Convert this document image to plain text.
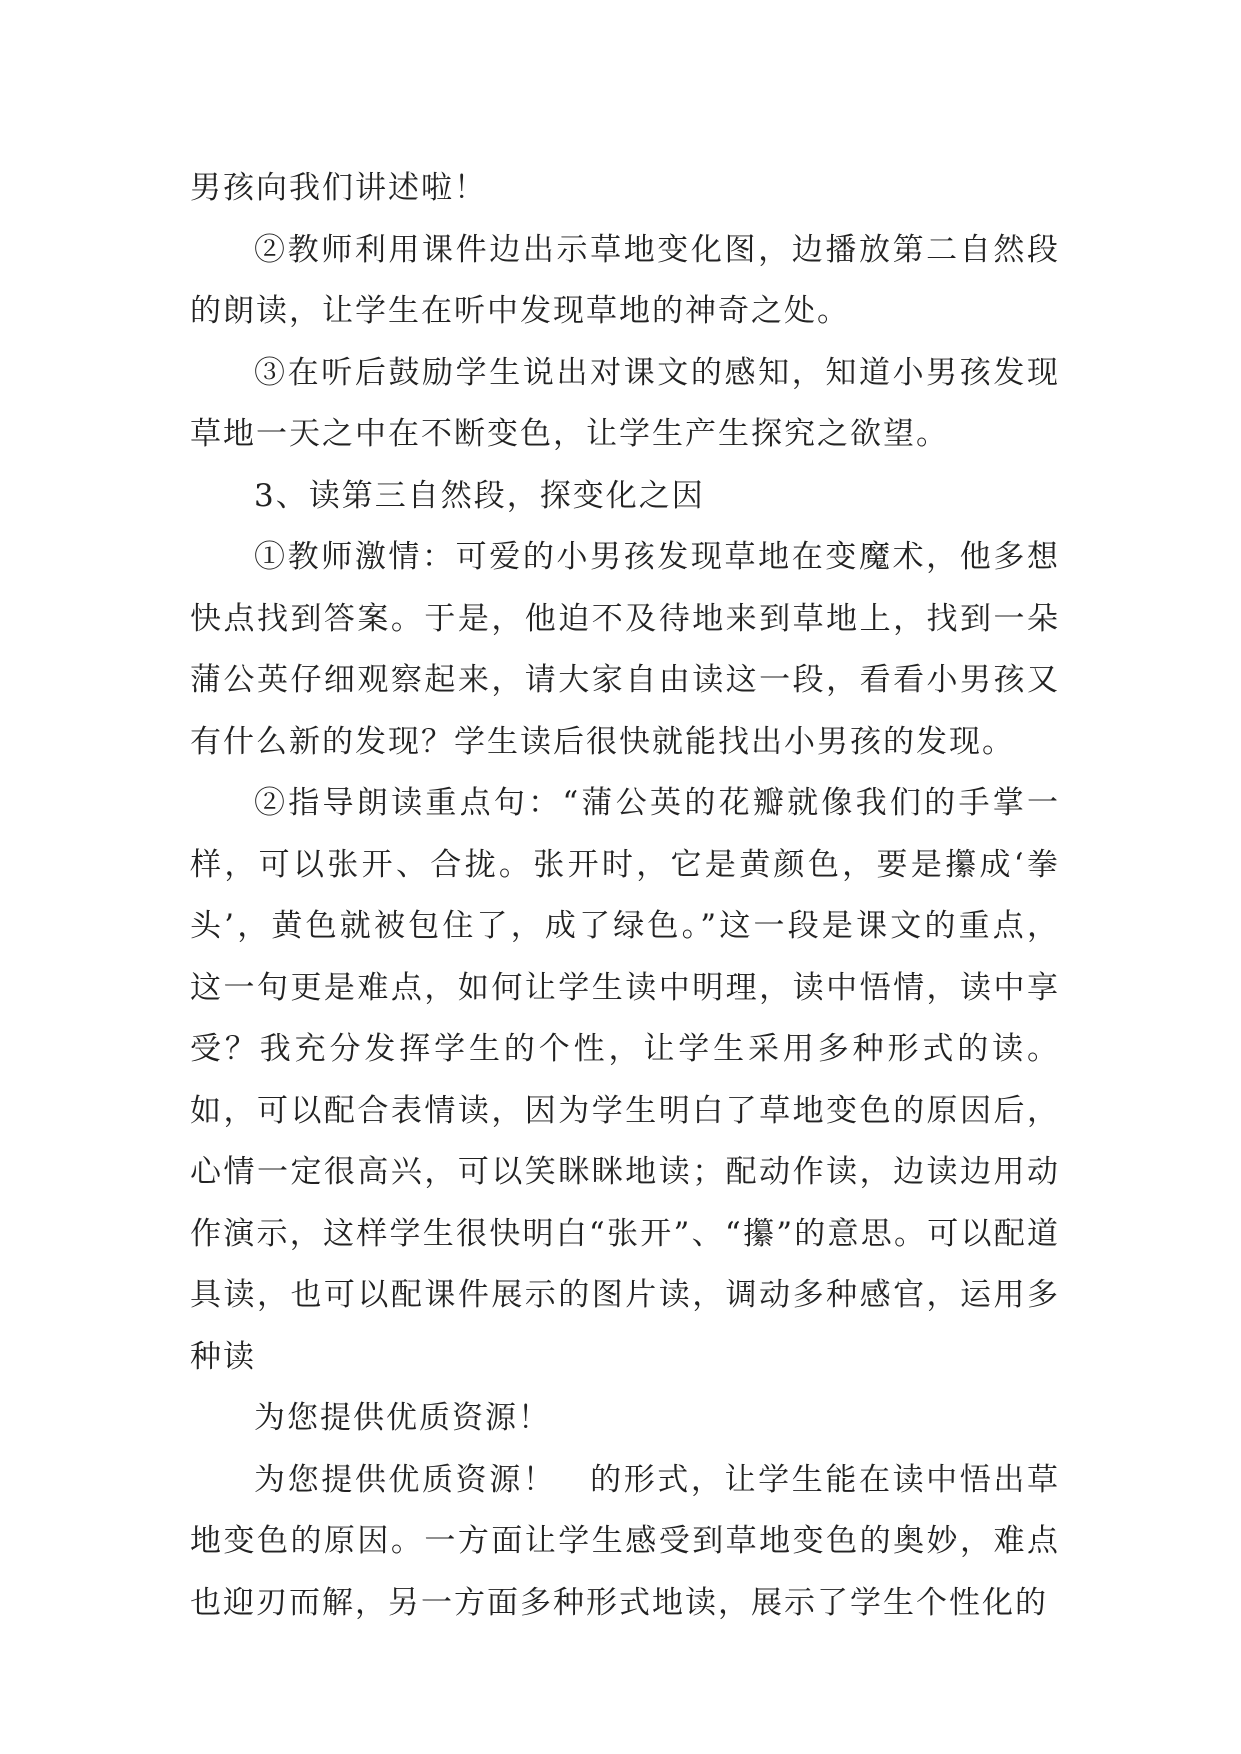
男孩向我们讲述啦！

②教师利用课件边出示草地变化图，边播放第二自然段的朗读，让学生在听中发现草地的神奇之处。

③在听后鼓励学生说出对课文的感知，知道小男孩发现草地一天之中在不断变色，让学生产生探究之欲望。

3、读第三自然段，探变化之因

①教师激情：可爱的小男孩发现草地在变魔术，他多想快点找到答案。于是，他迫不及待地来到草地上，找到一朵蒲公英仔细观察起来，请大家自由读这一段，看看小男孩又有什么新的发现？学生读后很快就能找出小男孩的发现。

②指导朗读重点句：“蒲公英的花瓣就像我们的手掌一样，可以张开、合拢。张开时，它是黄颜色，要是攥成‘拳头’，黄色就被包住了，成了绿色。”这一段是课文的重点，这一句更是难点，如何让学生读中明理，读中悟情，读中享受？我充分发挥学生的个性，让学生采用多种形式的读。如，可以配合表情读，因为学生明白了草地变色的原因后，心情一定很高兴，可以笑眯眯地读；配动作读，边读边用动作演示，这样学生很快明白“张开”、“攥”的意思。可以配道具读，也可以配课件展示的图片读，调动多种感官，运用多种读

为您提供优质资源！

为您提供优质资源！　的形式，让学生能在读中悟出草地变色的原因。一方面让学生感受到草地变色的奥妙，难点也迎刃而解，另一方面多种形式地读，展示了学生个性化的
